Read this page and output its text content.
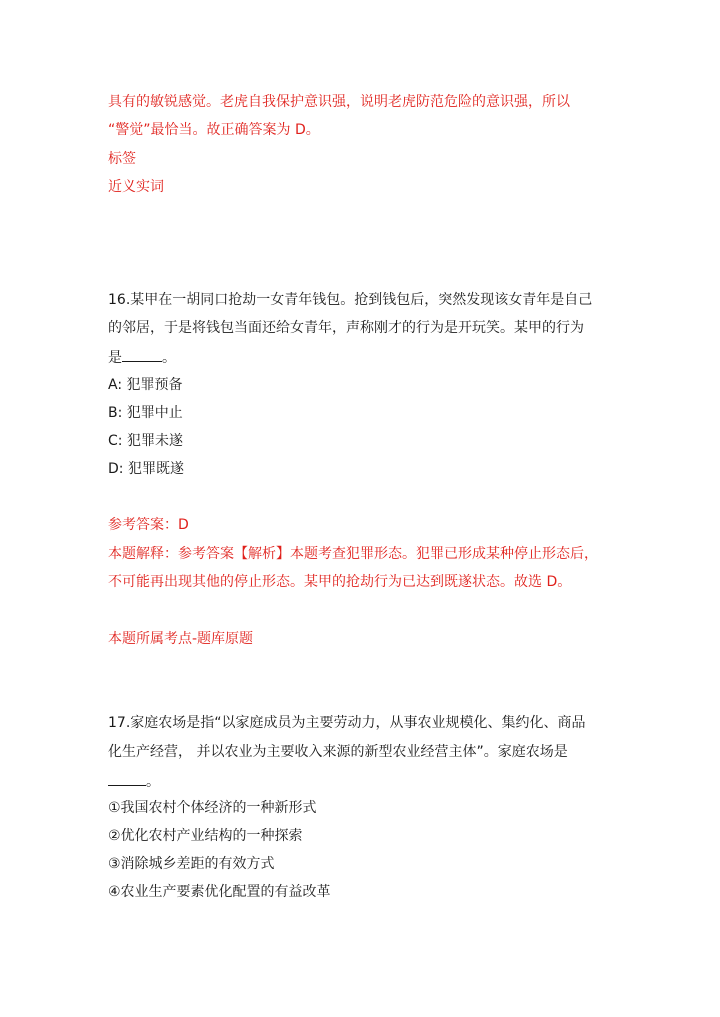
具有的敏锐感觉。老虎自我保护意识强，说明老虎防范危险的意识强，所以
“警觉”最恰当。故正确答案为 D。
标签
近义实词
16.某甲在一胡同口抢劫一女青年钱包。抢到钱包后，突然发现该女青年是自己
的邻居，于是将钱包当面还给女青年，声称刚才的行为是开玩笑。某甲的行为
是	。
A: 犯罪预备
B: 犯罪中止
C: 犯罪未遂
D: 犯罪既遂
参考答案：D
本题解释：参考答案【解析】本题考查犯罪形态。犯罪已形成某种停止形态后，
不可能再出现其他的停止形态。某甲的抢劫行为已达到既遂状态。故选 D。
本题所属考点-题库原题
17.家庭农场是指“以家庭成员为主要劳动力，从事农业规模化、集约化、商品
化生产经营， 并以农业为主要收入来源的新型农业经营主体”。家庭农场是
。
①我国农村个体经济的一种新形式
②优化农村产业结构的一种探索
③消除城乡差距的有效方式
④农业生产要素优化配置的有益改革
